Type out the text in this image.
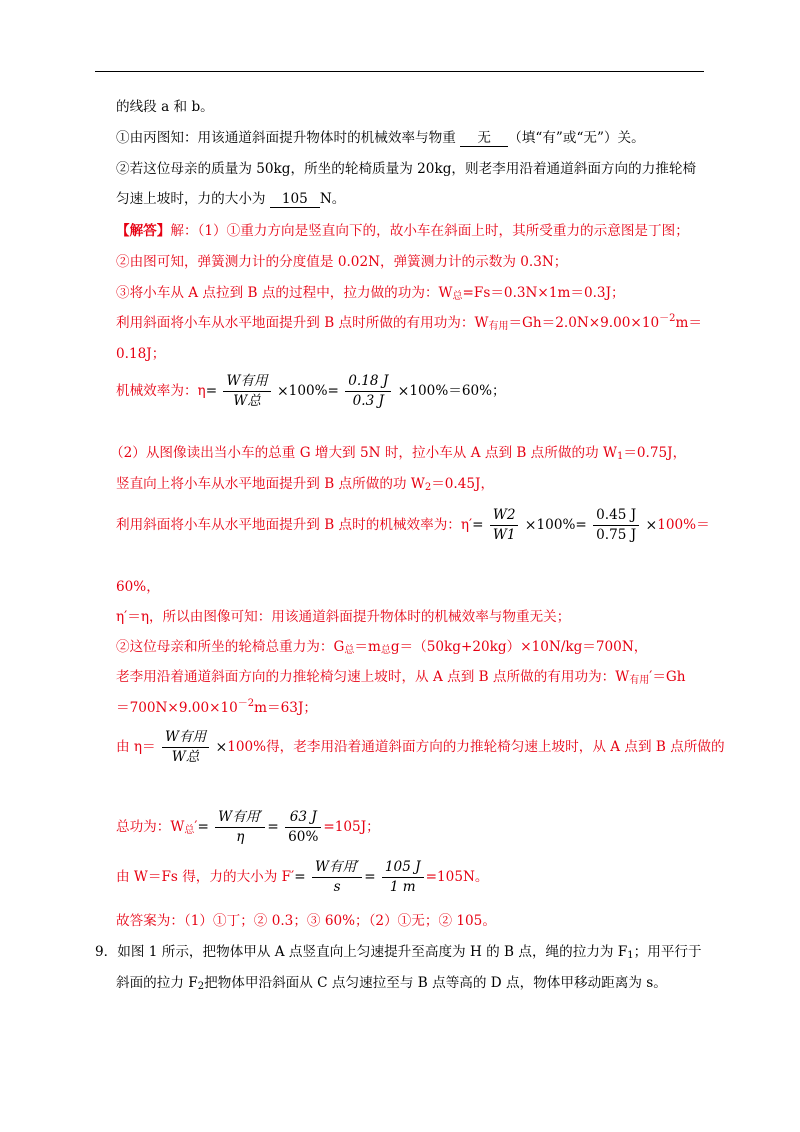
的线段 a 和 b。
①由丙图知：用该通道斜面提升物体时的机械效率与物重 无 （填“有”或“无”）关。
②若这位母亲的质量为 50kg，所坐的轮椅质量为 20kg，则老李用沿着通道斜面方向的力推轮椅
匀速上坡时，力的大小为 105 N。
【解答】解：（1）①重力方向是竖直向下的，故小车在斜面上时，其所受重力的示意图是丁图；
②由图可知，弹簧测力计的分度值是 0.02N，弹簧测力计的示数为 0.3N；
③将小车从 A 点拉到 B 点的过程中，拉力做的功为：W总=Fs＝0.3N×1m＝0.3J；
利用斜面将小车从水平地面提升到 B 点时所做的有用功为：W有用$=Gh=2.0N\times 9.00\times 10^{-2}m=$
0.18J；
机械效率为：$\eta= \frac{\text{W有用}}{\text{W总}} \times 100\%= \frac{0.18 J}{0.3 J} \times 100\%=60\%$；
（2）从图像读出当小车的总重 G 增大到 5N 时，拉小车从 A 点到 B 点所做的功 W1＝0.75J，
竖直向上将小车从水平地面提升到 B 点所做的功 W2＝0.45J，
利用斜面将小车从水平地面提升到 B 点时的机械效率为：$\eta'= \frac{W2}{W1} \times 100\%= \frac{0.45 J}{0.75 J} \times 100\%=$
60%，
η′＝η，所以由图像可知：用该通道斜面提升物体时的机械效率与物重无关；
②这位母亲和所坐的轮椅总重力为：G总＝m总g＝（50kg+20kg）×10N/kg＝700N，
老李用沿着通道斜面方向的力推轮椅匀速上坡时，从 A 点到 B 点所做的有用功为：W有用′＝Gh
$=700N\times 9.00\times 10^{-2}m=63J$；
由 $\eta= \frac{\text{W有用}}{\text{W总}} \times 100\%$得，老李用沿着通道斜面方向的力推轮椅匀速上坡时，从 A 点到 B 点所做的
总功为：W总′= $\frac{\text{W有用′}}{\eta} = \frac{63 J}{60\%} =105J$；
由 W＝Fs 得，力的大小为 $F'= \frac{\text{W有用′}}{s} = \frac{105 J}{1 m} =105N$。
故答案为：（1）①丁；② 0.3；③ 60%；（2）①无；② 105。
9．如图 1 所示，把物体甲从 A 点竖直向上匀速提升至高度为 H 的 B 点，绳的拉力为 F1；用平行于
斜面的拉力 F2把物体甲沿斜面从 C 点匀速拉至与 B 点等高的 D 点，物体甲移动距离为 s。
